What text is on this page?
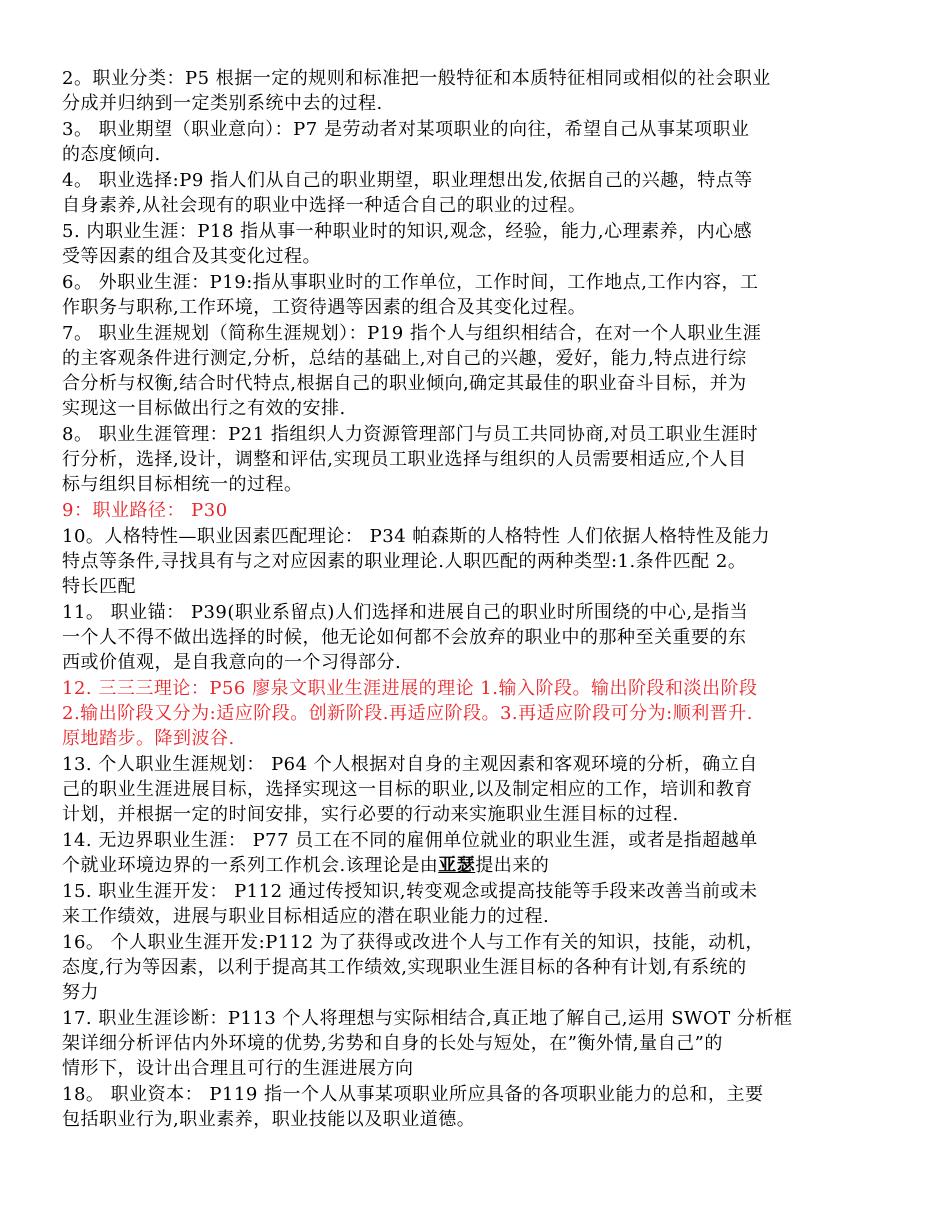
2。职业分类：P5 根据一定的规则和标准把一般特征和本质特征相同或相似的社会职业
分成并归纳到一定类别系统中去的过程.

3。 职业期望（职业意向）：P7 是劳动者对某项职业的向往，希望自己从事某项职业
的态度倾向.

4。 职业选择:P9 指人们从自己的职业期望，职业理想出发,依据自己的兴趣，特点等
自身素养,从社会现有的职业中选择一种适合自己的职业的过程。

5. 内职业生涯：P18 指从事一种职业时的知识,观念，经验，能力,心理素养，内心感
受等因素的组合及其变化过程。

6。 外职业生涯：P19:指从事职业时的工作单位，工作时间，工作地点,工作内容，工
作职务与职称,工作环境，工资待遇等因素的组合及其变化过程。

7。 职业生涯规划（简称生涯规划）：P19 指个人与组织相结合，在对一个人职业生涯
的主客观条件进行测定,分析，总结的基础上,对自己的兴趣，爱好，能力,特点进行综
合分析与权衡,结合时代特点,根据自己的职业倾向,确定其最佳的职业奋斗目标，并为
实现这一目标做出行之有效的安排.

8。 职业生涯管理：P21 指组织人力资源管理部门与员工共同协商,对员工职业生涯时
行分析，选择,设计，调整和评估,实现员工职业选择与组织的人员需要相适应,个人目
标与组织目标相统一的过程。

9：职业路径： P30

10。人格特性—职业因素匹配理论： P34 帕森斯的人格特性 人们依据人格特性及能力
特点等条件,寻找具有与之对应因素的职业理论.人职匹配的两种类型:1.条件匹配 2。
特长匹配

11。 职业锚： P39(职业系留点)人们选择和进展自己的职业时所围绕的中心,是指当
一个人不得不做出选择的时候，他无论如何都不会放弃的职业中的那种至关重要的东
西或价值观，是自我意向的一个习得部分.

12. 三三三理论：P56 廖泉文职业生涯进展的理论 1.输入阶段。输出阶段和淡出阶段
2.输出阶段又分为:适应阶段。创新阶段.再适应阶段。3.再适应阶段可分为:顺利晋升.
原地踏步。降到波谷.

13. 个人职业生涯规划： P64 个人根据对自身的主观因素和客观环境的分析，确立自
己的职业生涯进展目标，选择实现这一目标的职业,以及制定相应的工作，培训和教育
计划，并根据一定的时间安排，实行必要的行动来实施职业生涯目标的过程.

14. 无边界职业生涯： P77 员工在不同的雇佣单位就业的职业生涯，或者是指超越单
个就业环境边界的一系列工作机会.该理论是由亚瑟提出来的

15. 职业生涯开发： P112 通过传授知识,转变观念或提高技能等手段来改善当前或未
来工作绩效，进展与职业目标相适应的潜在职业能力的过程.

16。 个人职业生涯开发:P112 为了获得或改进个人与工作有关的知识，技能，动机，
态度,行为等因素，以利于提高其工作绩效,实现职业生涯目标的各种有计划,有系统的
努力

17. 职业生涯诊断：P113 个人将理想与实际相结合,真正地了解自己,运用 SWOT 分析框
架详细分析评估内外环境的优势,劣势和自身的长处与短处，在”衡外情,量自己”的
情形下，设计出合理且可行的生涯进展方向

18。 职业资本： P119 指一个人从事某项职业所应具备的各项职业能力的总和，主要
包括职业行为,职业素养，职业技能以及职业道德。
